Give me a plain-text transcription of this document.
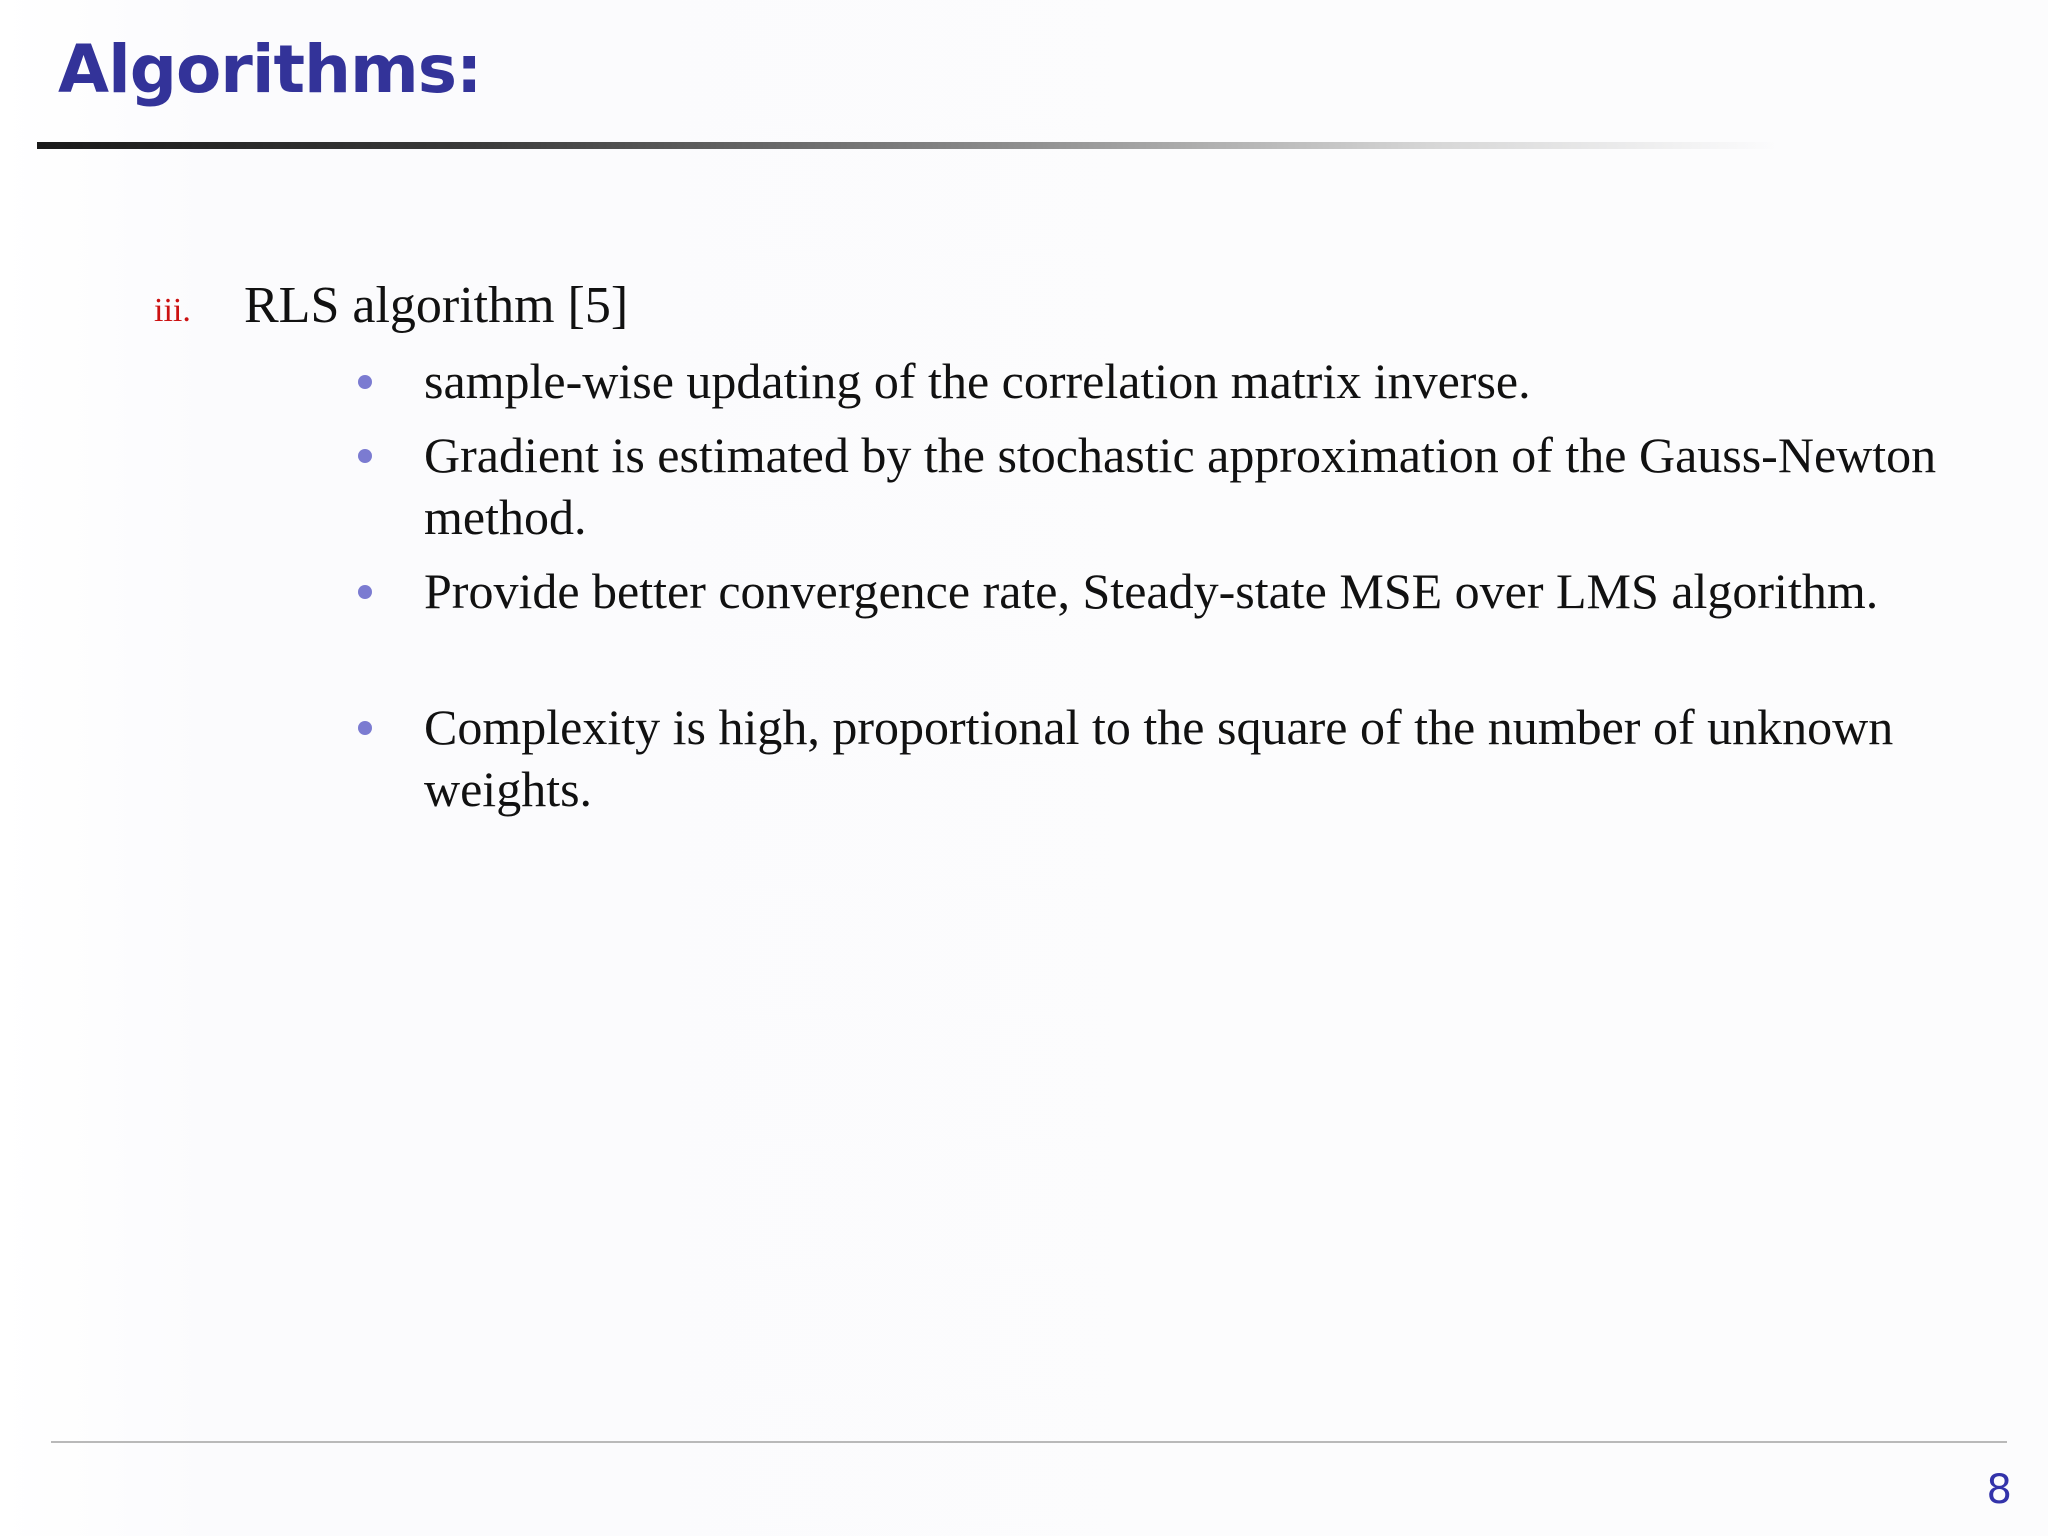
Algorithms:
iii. RLS algorithm [5]
sample-wise updating of the correlation matrix inverse.
Gradient is estimated by the stochastic approximation of the Gauss-Newton method.
Provide better convergence rate, Steady-state MSE over LMS algorithm.
Complexity is high, proportional to the square of the number of unknown weights.
8
